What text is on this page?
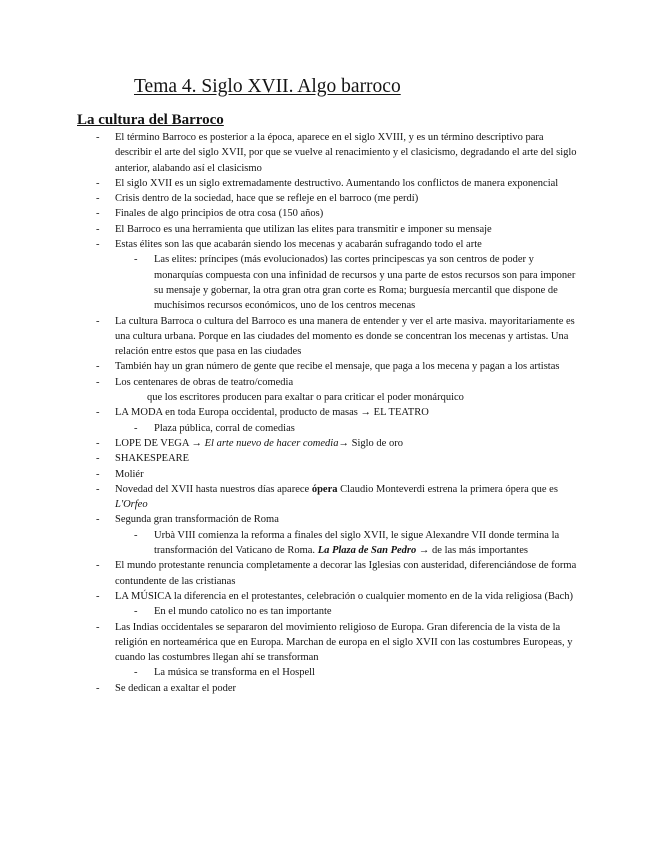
Tema 4. Siglo XVII. Algo barroco
La cultura del Barroco
- El término Barroco es posterior a la época, aparece en el siglo XVIII, y es un término descriptivo para describir el arte del siglo XVII, por que se vuelve al renacimiento y el clasicismo, degradando el arte del siglo anterior, alabando así el clasicismo
- El siglo XVII es un siglo extremadamente destructivo. Aumentando los conflictos de manera exponencial
- Crisis dentro de la sociedad, hace que se refleje en el barroco (me perdí)
- Finales de algo principios de otra cosa (150 años)
- El Barroco es una herramienta que utilizan las elites para transmitir e imponer su mensaje
- Estas élites son las que acabarán siendo los mecenas y acabarán sufragando todo el arte
- Las elites: príncipes (más evolucionados) las cortes principescas ya son centros de poder y monarquías compuesta con una infinidad de recursos y una parte de estos recursos son para imponer su mensaje y gobernar, la otra gran otra gran corte es Roma; burguesía mercantil que dispone de muchísimos recursos económicos, uno de los centros mecenas
- La cultura Barroca o cultura del Barroco es una manera de entender y ver el arte masiva. mayoritariamente es una cultura urbana. Porque en las ciudades del momento es donde se concentran los mecenas y artistas. Una relación entre estos que pasa en las ciudades
- También hay un gran número de gente que recibe el mensaje, que paga a los mecena y pagan a los artistas
- Los centenares de obras de teatro/comedia
que los escritores producen para exaltar o para criticar el poder monárquico
- LA MODA en toda Europa occidental, producto de masas → EL TEATRO
- Plaza pública, corral de comedias
- LOPE DE VEGA → El arte nuevo de hacer comedia→ Siglo de oro
- SHAKESPEARE
- Moliér
- Novedad del XVII hasta nuestros días aparece ópera Claudio Monteverdi estrena la primera ópera que es L'Orfeo
- Segunda gran transformación de Roma
- Urbà VIII comienza la reforma a finales del siglo XVII, le sigue Alexandre VII donde termina la transformación del Vaticano de Roma. La Plaza de San Pedro → de las más importantes
- El mundo protestante renuncia completamente a decorar las Iglesias con austeridad, diferenciándose de forma contundente de las cristianas
- LA MÚSICA la diferencia en el protestantes, celebración o cualquier momento en de la vida religiosa (Bach)
- En el mundo catolico no es tan importante
- Las Indias occidentales se separaron del movimiento religioso de Europa. Gran diferencia de la vista de la religión en norteamérica que en Europa. Marchan de europa en el siglo XVII con las costumbres Europeas, y cuando las costumbres llegan ahí se transforman
- La música se transforma en el Hospell
- Se dedican a exaltar el poder
